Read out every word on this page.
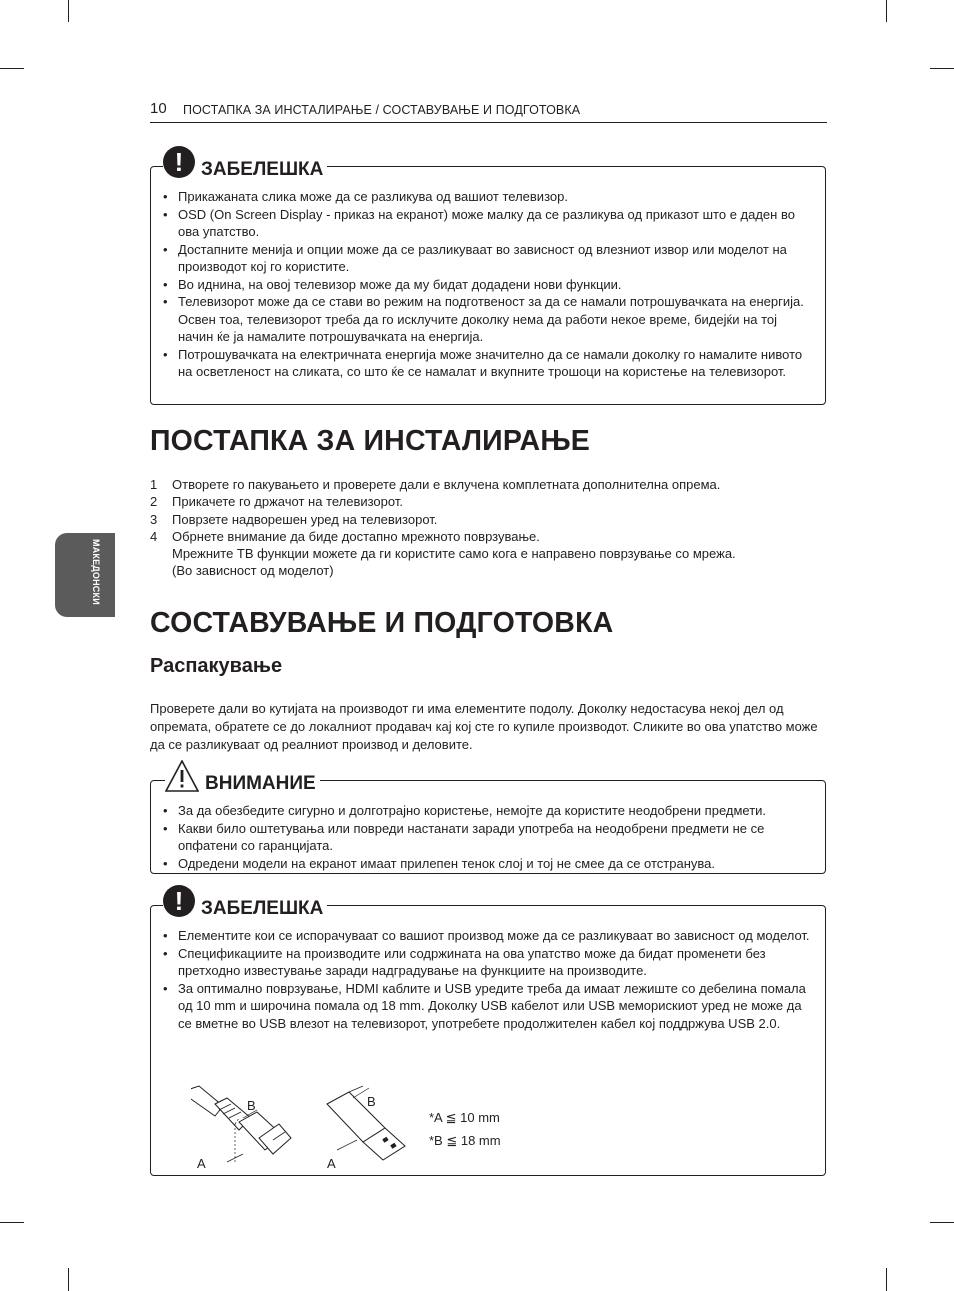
10 ПОСТАПКА ЗА ИНСТАЛИРАЊЕ / СОСТАВУВАЊЕ И ПОДГОТОВКА
МАКЕДОНСКИ
! ЗАБЕЛЕШКА
• Прикажаната слика може да се разликува од вашиот телевизор.
• OSD (On Screen Display - приказ на екранот) може малку да се разликува од приказот што е даден во ова упатство.
• Достапните менија и опции може да се разликуваат во зависност од влезниот извор или моделот на производот кој го користите.
• Во иднина, на овој телевизор може да му бидат додадени нови функции.
• Телевизорот може да се стави во режим на подготвеност за да се намали потрошувачката на енергија. Освен тоа, телевизорот треба да го исклучите доколку нема да работи некое време, бидејќи на тој начин ќе ја намалите потрошувачката на енергија.
• Потрошувачката на електричната енергија може значително да се намали доколку го намалите нивото на осветленост на сликата, со што ќе се намалат и вкупните трошоци на користење на телевизорот.
ПОСТАПКА ЗА ИНСТАЛИРАЊЕ
1 Отворете го пакувањето и проверете дали е вклучена комплетната дополнителна опрема.
2 Прикачете го држачот на телевизорот.
3 Поврзете надворешен уред на телевизорот.
4 Обрнете внимание да биде достапно мрежното поврзување.
Мрежните ТВ функции можете да ги користите само кога е направено поврзување со мрежа.
(Во зависност од моделот)
СОСТАВУВАЊЕ И ПОДГОТОВКА
Распакување

Проверете дали во кутијата на производот ги има елементите подолу. Доколку недостасува некој дел од опремата, обратете се до локалниот продавач кај кој сте го купиле производот. Сликите во ова упатство може да се разликуваат од реалниот производ и деловите.

ВНИМАНИЕ
• За да обезбедите сигурно и долготрајно користење, немојте да користите неодобрени предмети.
• Какви било оштетувања или повреди настанати заради употреба на неодобрени предмети не се опфатени со гаранцијата.
• Одредени модели на екранот имаат прилепен тенок слој и тој не смее да се отстранува.
! ЗАБЕЛЕШКА
• Елементите кои се испорачуваат со вашиот производ може да се разликуваат во зависност од моделот.
• Спецификациите на производите или содржината на ова упатство може да бидат променети без претходно известување заради надградување на функциите на производите.
• За оптимално поврзување, HDMI каблите и USB уредите треба да имаат лежиште со дебелина помала од 10 mm и широчина помала од 18 mm. Доколку USB кабелот или USB меморискиот уред не може да се вметне во USB влезот на телевизорот, употребете продолжителен кабел кој поддржува USB 2.0.
B
A
B
A
*A ≦ 10 mm
*B ≦ 18 mm
